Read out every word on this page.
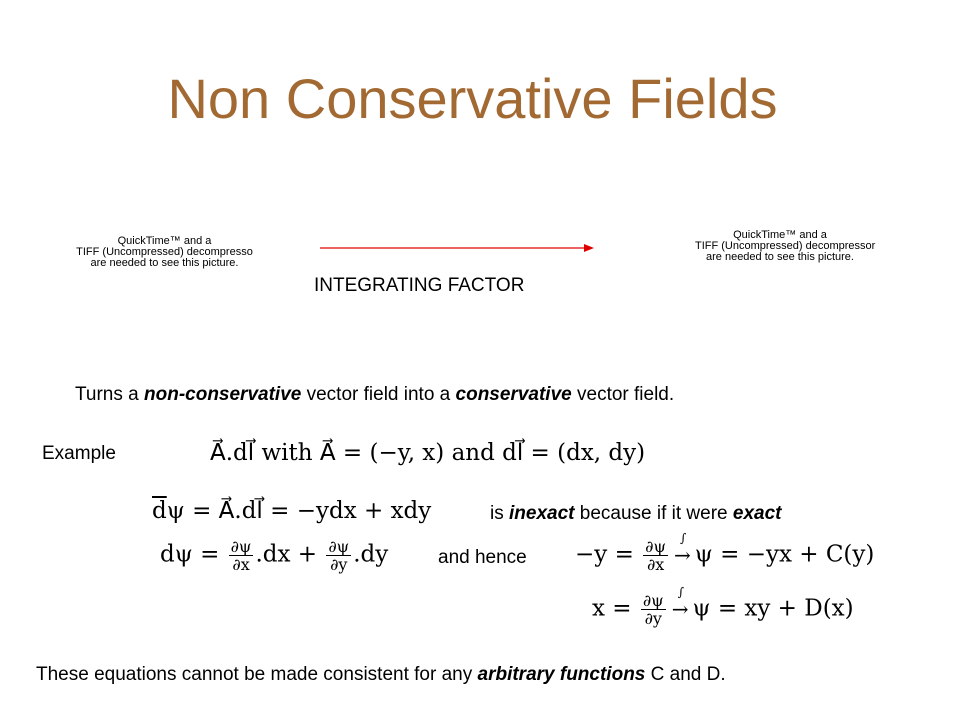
Non Conservative Fields
QuickTime™ and a
TIFF (Uncompressed) decompresso
are needed to see this picture.
QuickTime™ and a
TIFF (Uncompressed) decompressor
are needed to see this picture.
INTEGRATING FACTOR
Turns a non-conservative vector field into a conservative vector field.
Example	A⃗.dl⃗ with A⃗ = (−y, x) and dl⃗ = (dx, dy)
$\overline{d}\psi$ = A⃗.dl⃗ = −ydx + xdy	is inexact because if it were exact
$d\psi = \frac{\partial\psi}{\partial x} .dx + \frac{\partial\psi}{\partial y} .dy$	and hence $-y = \frac{\partial\psi}{\partial x}$
∫
→ ψ = −yx + C(y)
$x = \frac{\partial\psi}{\partial y}$
∫
→ ψ = xy + D(x)
These equations cannot be made consistent for any arbitrary functions C and D.
